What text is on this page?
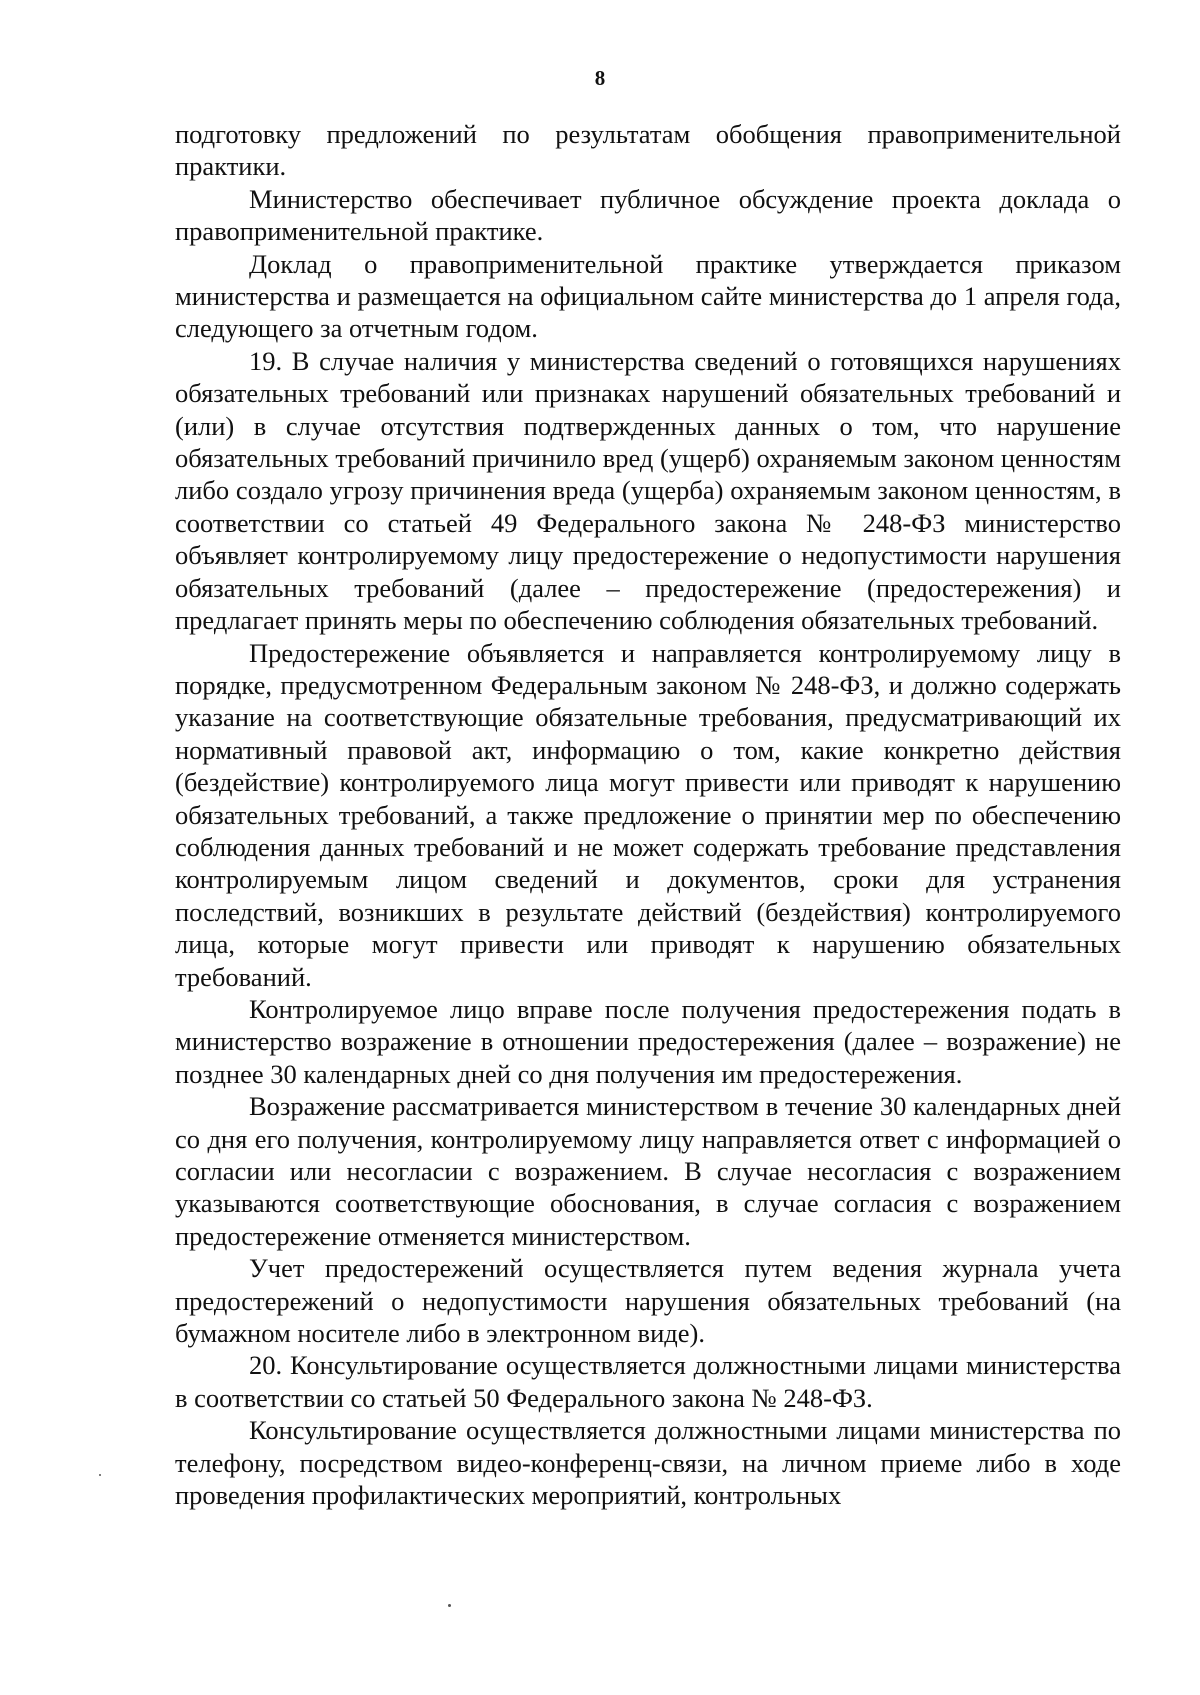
8

подготовку предложений по результатам обобщения правоприменительной практики.

Министерство обеспечивает публичное обсуждение проекта доклада о правоприменительной практике.

Доклад о правоприменительной практике утверждается приказом министерства и размещается на официальном сайте министерства до 1 апреля года, следующего за отчетным годом.

19. В случае наличия у министерства сведений о готовящихся нарушениях обязательных требований или признаках нарушений обязательных требований и (или) в случае отсутствия подтвержденных данных о том, что нарушение обязательных требований причинило вред (ущерб) охраняемым законом ценностям либо создало угрозу причинения вреда (ущерба) охраняемым законом ценностям, в соответствии со статьей 49 Федерального закона № 248-ФЗ министерство объявляет контролируемому лицу предостережение о недопустимости нарушения обязательных требований (далее – предостережение (предостережения) и предлагает принять меры по обеспечению соблюдения обязательных требований.

Предостережение объявляется и направляется контролируемому лицу в порядке, предусмотренном Федеральным законом № 248-ФЗ, и должно содержать указание на соответствующие обязательные требования, предусматривающий их нормативный правовой акт, информацию о том, какие конкретно действия (бездействие) контролируемого лица могут привести или приводят к нарушению обязательных требований, а также предложение о принятии мер по обеспечению соблюдения данных требований и не может содержать требование представления контролируемым лицом сведений и документов, сроки для устранения последствий, возникших в результате действий (бездействия) контролируемого лица, которые могут привести или приводят к нарушению обязательных требований.

Контролируемое лицо вправе после получения предостережения подать в министерство возражение в отношении предостережения (далее – возражение) не позднее 30 календарных дней со дня получения им предостережения.

Возражение рассматривается министерством в течение 30 календарных дней со дня его получения, контролируемому лицу направляется ответ с информацией о согласии или несогласии с возражением. В случае несогласия с возражением указываются соответствующие обоснования, в случае согласия с возражением предостережение отменяется министерством.

Учет предостережений осуществляется путем ведения журнала учета предостережений о недопустимости нарушения обязательных требований (на бумажном носителе либо в электронном виде).

20. Консультирование осуществляется должностными лицами министерства в соответствии со статьей 50 Федерального закона № 248-ФЗ.

Консультирование осуществляется должностными лицами министерства по телефону, посредством видео-конференц-связи, на личном приеме либо в ходе проведения профилактических мероприятий, контрольных
